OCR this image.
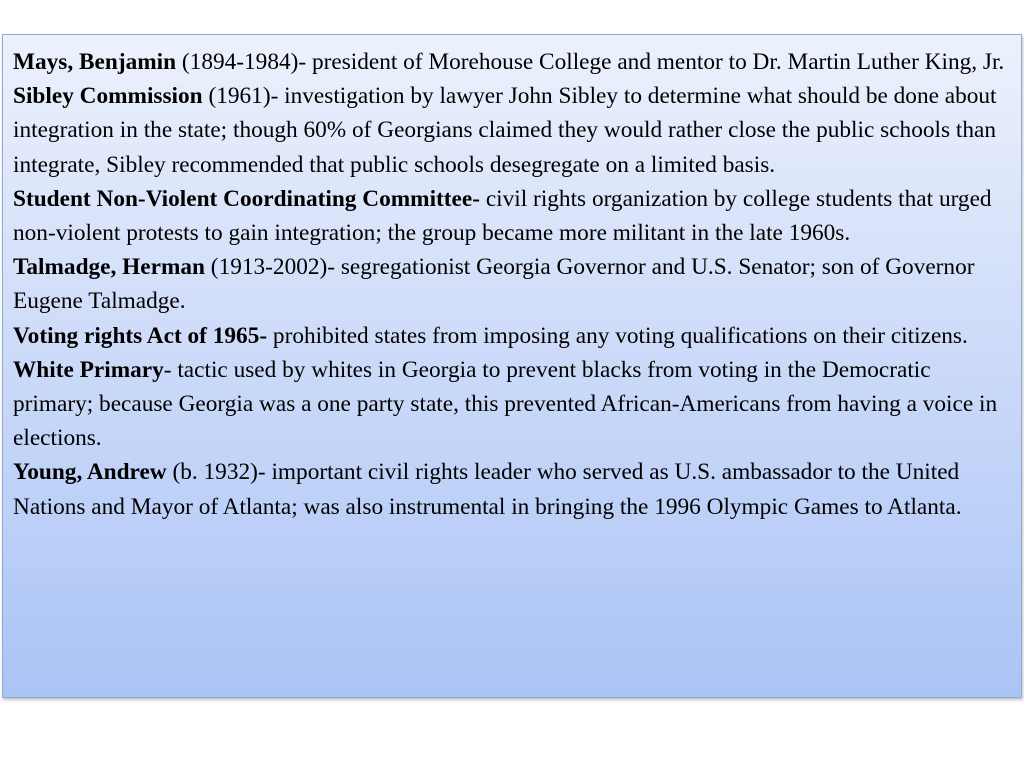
Mays, Benjamin (1894-1984)- president of Morehouse College and mentor to Dr. Martin Luther King, Jr.

Sibley Commission (1961)- investigation by lawyer John Sibley to determine what should be done about integration in the state; though 60% of Georgians claimed they would rather close the public schools than integrate, Sibley recommended that public schools desegregate on a limited basis.

Student Non-Violent Coordinating Committee- civil rights organization by college students that urged non-violent protests to gain integration; the group became more militant in the late 1960s.

Talmadge, Herman (1913-2002)- segregationist Georgia Governor and U.S. Senator; son of Governor Eugene Talmadge.

Voting rights Act of 1965- prohibited states from imposing any voting qualifications on their citizens.

White Primary- tactic used by whites in Georgia to prevent blacks from voting in the Democratic primary; because Georgia was a one party state, this prevented African-Americans from having a voice in elections.

Young, Andrew (b. 1932)- important civil rights leader who served as U.S. ambassador to the United Nations and Mayor of Atlanta; was also instrumental in bringing the 1996 Olympic Games to Atlanta.
